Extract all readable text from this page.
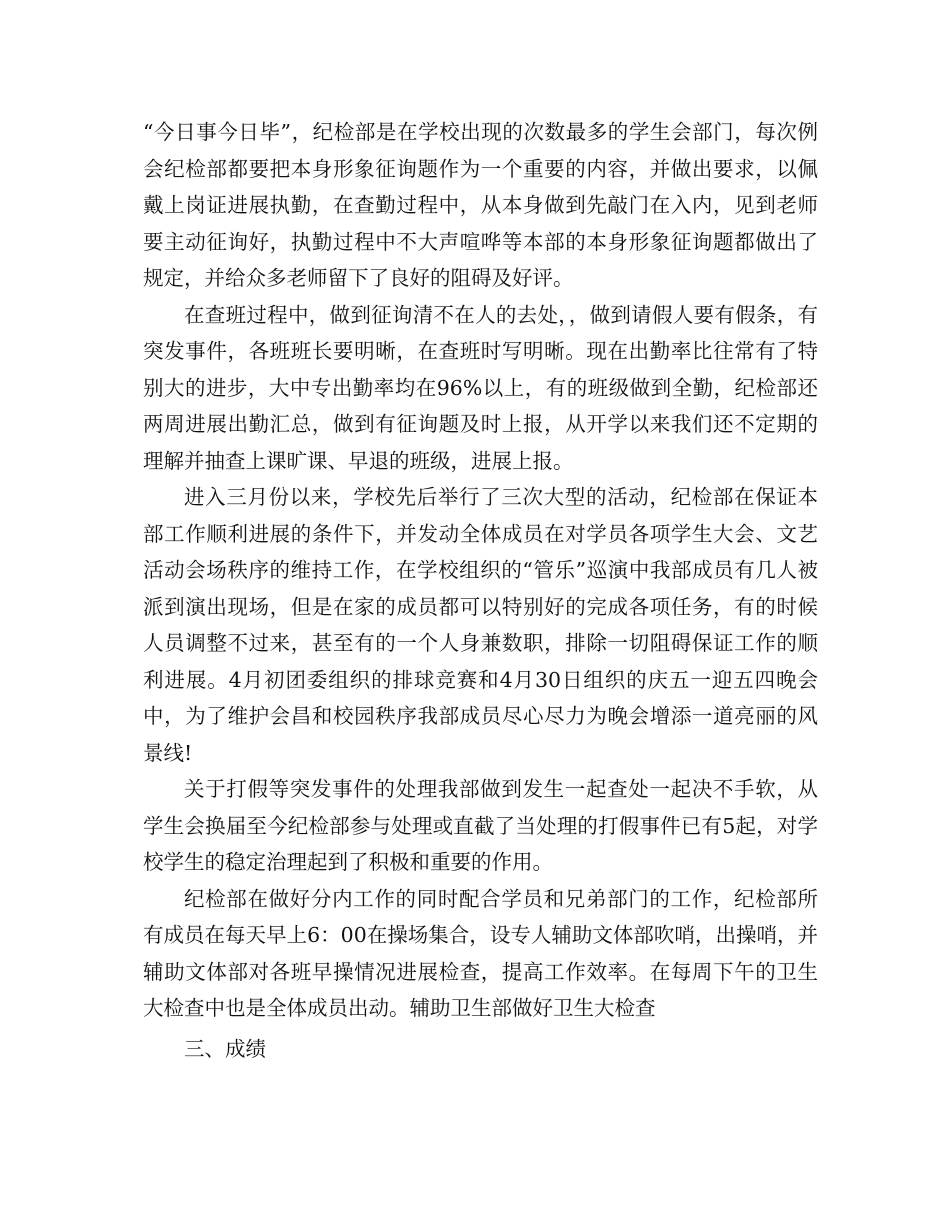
“今日事今日毕”，纪检部是在学校出现的次数最多的学生会部门，每次例会纪检部都要把本身形象征询题作为一个重要的内容，并做出要求，以佩戴上岗证进展执勤，在查勤过程中，从本身做到先敲门在入内，见到老师要主动征询好，执勤过程中不大声喧哗等本部的本身形象征询题都做出了规定，并给众多老师留下了良好的阻碍及好评。

在查班过程中，做到征询清不在人的去处，，做到请假人要有假条，有突发事件，各班班长要明晰，在查班时写明晰。现在出勤率比往常有了特别大的进步，大中专出勤率均在96%以上，有的班级做到全勤，纪检部还两周进展出勤汇总，做到有征询题及时上报，从开学以来我们还不定期的理解并抽查上课旷课、早退的班级，进展上报。

进入三月份以来，学校先后举行了三次大型的活动，纪检部在保证本部工作顺利进展的条件下，并发动全体成员在对学员各项学生大会、文艺活动会场秩序的维持工作，在学校组织的“管乐”巡演中我部成员有几人被派到演出现场，但是在家的成员都可以特别好的完成各项任务，有的时候人员调整不过来，甚至有的一个人身兼数职，排除一切阻碍保证工作的顺利进展。4月初团委组织的排球竞赛和4月30日组织的庆五一迎五四晚会中，为了维护会昌和校园秩序我部成员尽心尽力为晚会增添一道亮丽的风景线!

关于打假等突发事件的处理我部做到发生一起查处一起决不手软，从学生会换届至今纪检部参与处理或直截了当处理的打假事件已有5起，对学校学生的稳定治理起到了积极和重要的作用。

纪检部在做好分内工作的同时配合学员和兄弟部门的工作，纪检部所有成员在每天早上6：00在操场集合，设专人辅助文体部吹哨，出操哨，并辅助文体部对各班早操情况进展检查，提高工作效率。在每周下午的卫生大检查中也是全体成员出动。辅助卫生部做好卫生大检查

三、成绩
